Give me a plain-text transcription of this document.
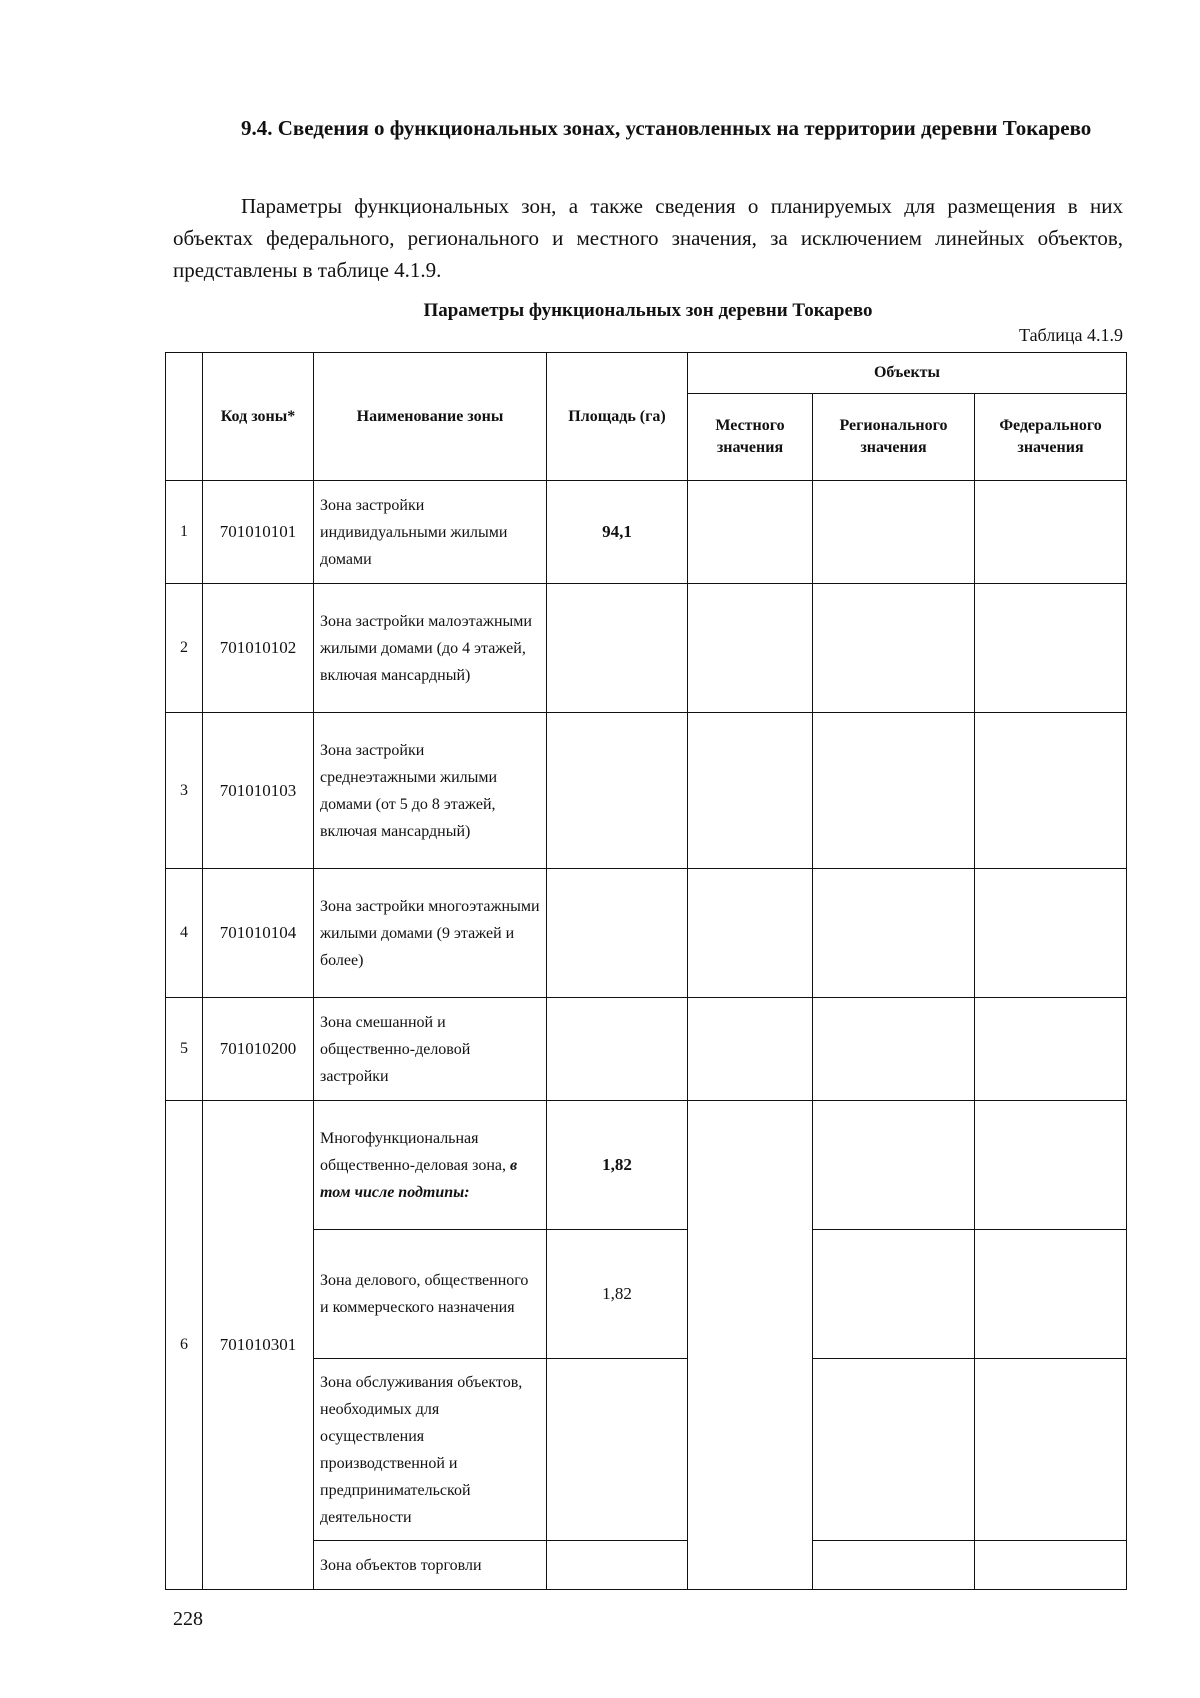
9.4. Сведения о функциональных зонах, установленных на территории деревни Токарево
Параметры функциональных зон, а также сведения о планируемых для размещения в них объектах федерального, регионального и местного значения, за исключением линейных объектов, представлены в таблице 4.1.9.
Параметры функциональных зон деревни Токарево
Таблица 4.1.9
	Код зоны*	Наименование зоны	Площадь (га)	Объекты		
				Местного значения	Регионального значения	Федерального значения
1	701010101	Зона застройки индивидуальными жилыми домами	94,1			
2	701010102	Зона застройки малоэтажными жилыми домами (до 4 этажей, включая мансардный)				
3	701010103	Зона застройки среднеэтажными жилыми домами (от 5 до 8 этажей, включая мансардный)				
4	701010104	Зона застройки многоэтажными жилыми домами (9 этажей и более)				
5	701010200	Зона смешанной и общественно-деловой застройки				
6	701010301	Многофункциональная общественно-деловая зона, в том числе подтипы:	1,82			
		Зона делового, общественного и коммерческого назначения	1,82			
		Зона обслуживания объектов, необходимых для осуществления производственной и предпринимательской деятельности				
		Зона объектов торговли				
228
